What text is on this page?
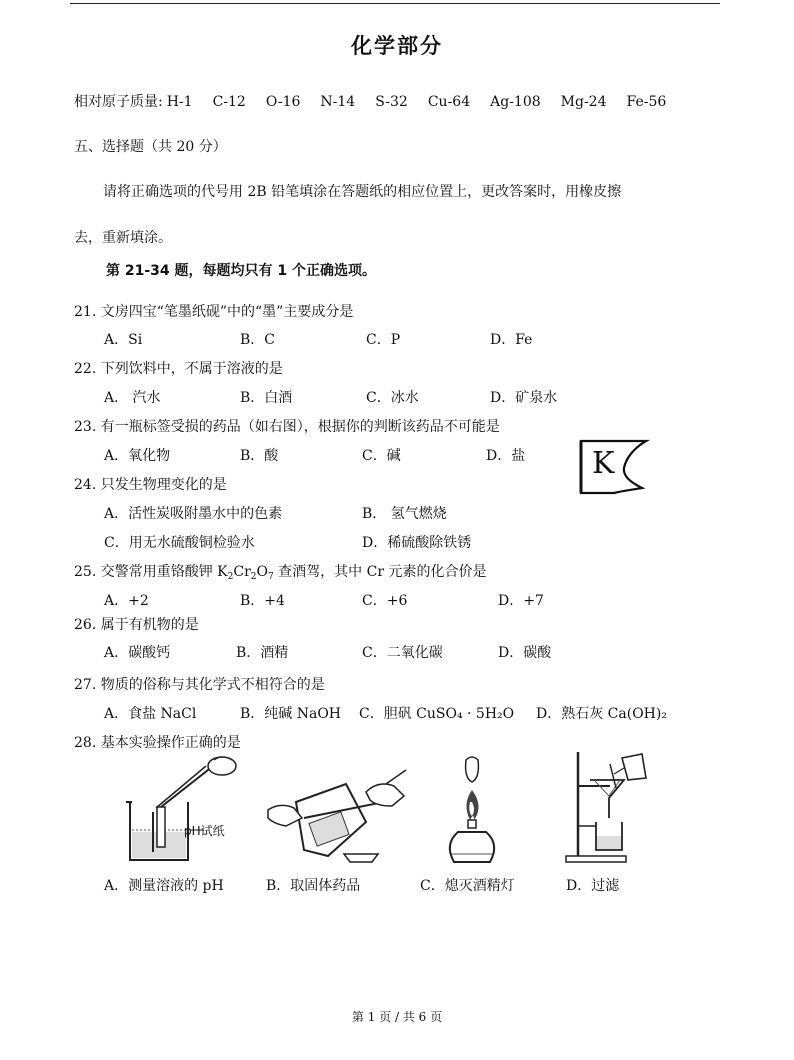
化学部分
相对原子质量: H-1 C-12 O-16 N-14 S-32 Cu-64 Ag-108 Mg-24 Fe-56
五、选择题（共 20 分）
请将正确选项的代号用 2B 铅笔填涂在答题纸的相应位置上，更改答案时，用橡皮擦
去，重新填涂。
第 21-34 题，每题均只有 1 个正确选项。
21. 文房四宝“笔墨纸砚”中的“墨”主要成分是
A．Si	B．C	C．P	D．Fe
22. 下列饮料中，不属于溶液的是
A． 汽水	B．白酒	C．冰水	D．矿泉水
23. 有一瓶标签受损的药品（如右图），根据你的判断该药品不可能是
A．氧化物	B．酸	C．碱	D．盐 K
24. 只发生物理变化的是
A．活性炭吸附墨水中的色素	B． 氢气燃烧
C．用无水硫酸铜检验水	D．稀硫酸除铁锈
25. 交警常用重铬酸钾 $K_2Cr_2O_7$ 查酒驾，其中 Cr 元素的化合价是
A．+2	B．+4	C．+6	D．+7
26. 属于有机物的是
A．碳酸钙	B．酒精	C．二氧化碳	D．碳酸
27. 物质的俗称与其化学式不相符合的是
A．食盐 NaCl	B．纯碱 NaOH C．胆矾 CuSO₄ · 5H₂O D．熟石灰 Ca(OH)₂
28. 基本实验操作正确的是
pH试纸
A．测量溶液的 pH	B．取固体药品	C．熄灭酒精灯	D．过滤
第 1 页 / 共 6 页
